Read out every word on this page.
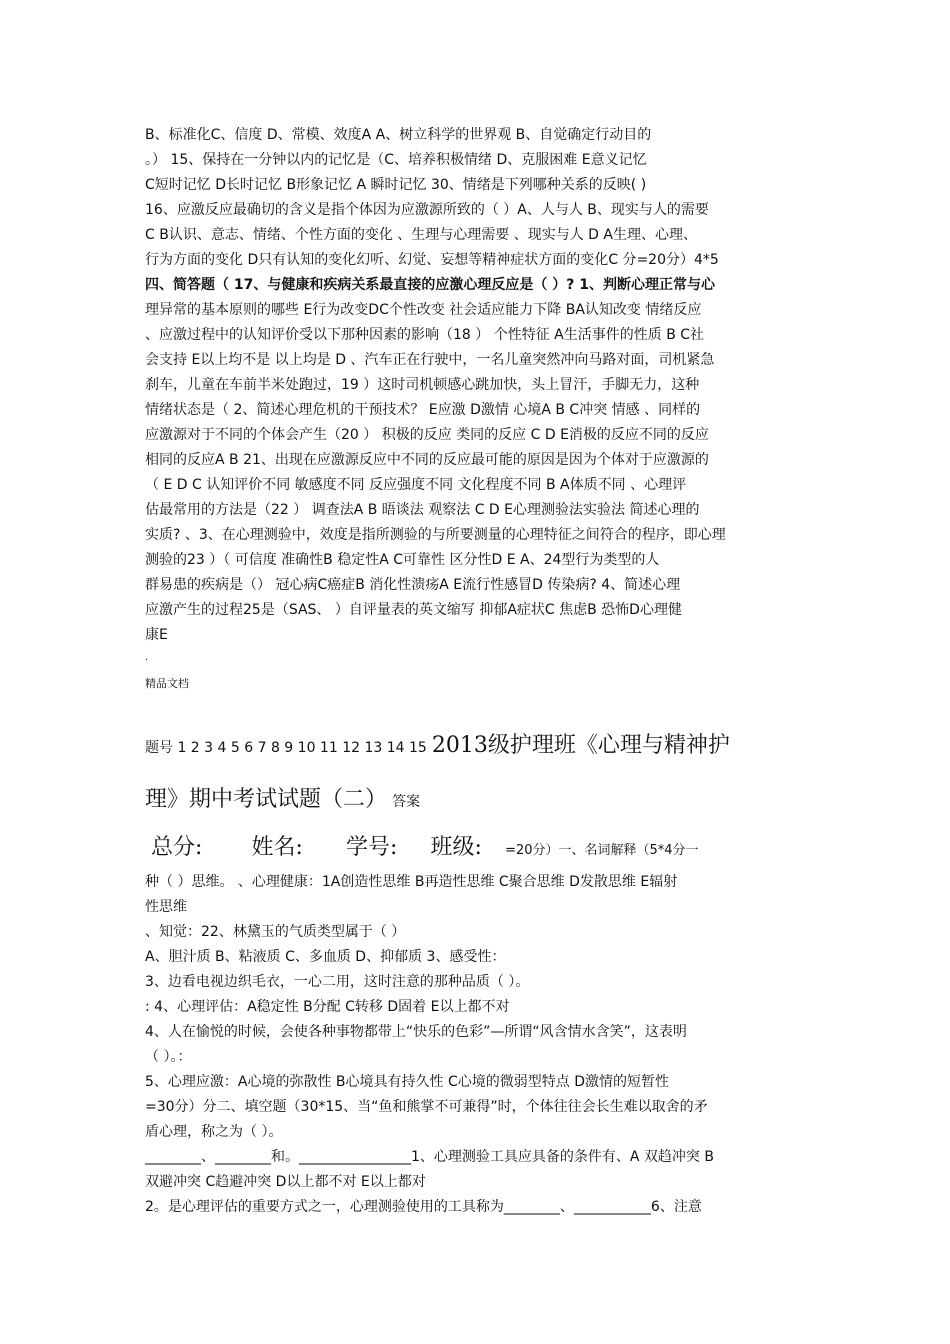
B、标准化C、信度 D、常模、效度A A、树立科学的世界观 B、自觉确定行动目的

。） 15、保持在一分钟以内的记忆是（C、培养积极情绪 D、克服困难 E意义记忆

C短时记忆 D长时记忆 B形象记忆 A 瞬时记忆 30、情绪是下列哪种关系的反映( )

16、应激反应最确切的含义是指个体因为应激源所致的（ ）A、人与人 B、现实与人的需要

C B认识、意志、情绪、个性方面的变化 、生理与心理需要 、现实与人 D A生理、心理、

行为方面的变化 D只有认知的变化幻听、幻觉、妄想等精神症状方面的变化C 分=20分）4*5

四、简答题（ 17、与健康和疾病关系最直接的应激心理反应是（ ）? 1、判断心理正常与心

理异常的基本原则的哪些 E行为改变DC个性改变 社会适应能力下降 BA认知改变 情绪反应

、应激过程中的认知评价受以下那种因素的影响（18 ） 个性特征 A生活事件的性质 B C社

会支持 E以上均不是 以上均是 D 、汽车正在行驶中，一名儿童突然冲向马路对面，司机紧急

刹车，儿童在车前半米处跑过，19 ）这时司机顿感心跳加快，头上冒汗，手脚无力，这种

情绪状态是（ 2、简述心理危机的干预技术？ E应激 D激情 心境A B C冲突 情感 、同样的

应激源对于不同的个体会产生（20 ） 积极的反应 类同的反应 C D E消极的反应不同的反应

相同的反应A B 21、出现在应激源反应中不同的反应最可能的原因是因为个体对于应激源的

（ E D C 认知评价不同 敏感度不同 反应强度不同 文化程度不同 B A体质不同 、心理评

估最常用的方法是（22 ） 调查法A B 晤谈法 观察法 C D E心理测验法实验法 简述心理的

实质? 、3、在心理测验中，效度是指所测验的与所要测量的心理特征之间符合的程序，即心理

测验的23 ）（ 可信度 准确性B 稳定性A C可靠性 区分性D E A、24型行为类型的人

群易患的疾病是（） 冠心病C癌症B 消化性溃疡A E流行性感冒D 传染病? 4、简述心理

应激产生的过程25是（SAS、 ）自评量表的英文缩写 抑郁A症状C 焦虑B 恐怖D心理健

康E

.
精品文档
题号 1 2 3 4 5 6 7 8 9 10 11 12 13 14 15 2013级护理班《心理与精神护
理》期中考试试题（二） 答案
总分: 姓名: 学号: 班级: =20分）一、名词解释（5*4分一

种（ ）思维。 、心理健康：1A创造性思维 B再造性思维 C聚合思维 D发散思维 E辐射

性思维

、知觉：22、林黛玉的气质类型属于（ ）

A、胆汁质 B、粘液质 C、多血质 D、抑郁质 3、感受性：

3、边看电视边织毛衣，一心二用，这时注意的那种品质（ ）。

: 4、心理评估：A稳定性 B分配 C转移 D固着 E以上都不对

4、人在愉悦的时候，会使各种事物都带上“快乐的色彩”—所谓“风含情水含笑”，这表明

（ ）。：

5、心理应激：A心境的弥散性 B心境具有持久性 C心境的微弱型特点 D激情的短暂性

=30分）分二、填空题（30*15、当“鱼和熊掌不可兼得”时，个体往往会长生难以取舍的矛

盾心理，称之为（ ）。

________、________和。________________1、心理测验工具应具备的条件有、A 双趋冲突 B

双避冲突 C趋避冲突 D以上都不对 E以上都对

2。是心理评估的重要方式之一，心理测验使用的工具称为________、___________6、注意
